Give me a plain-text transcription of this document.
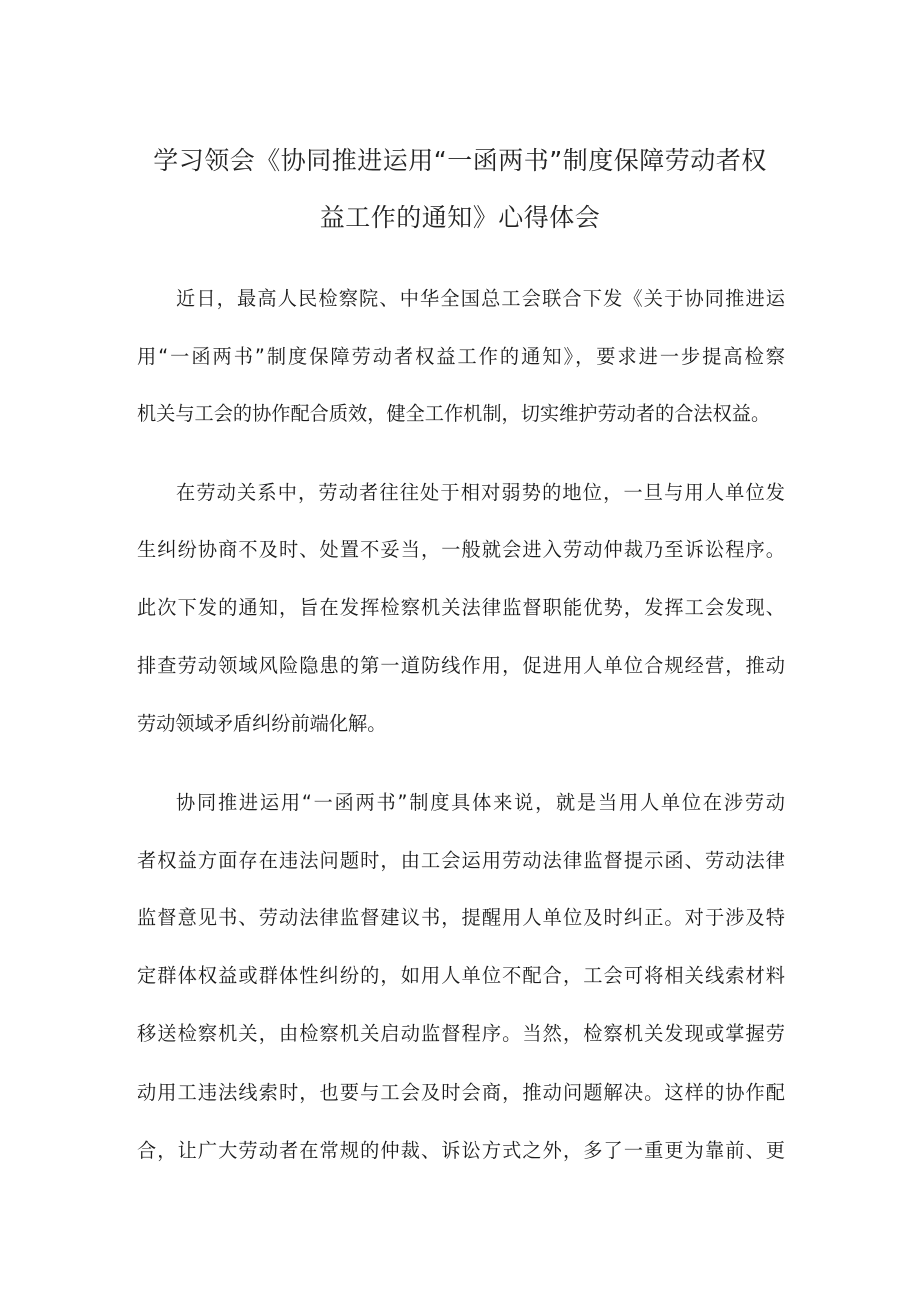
学习领会《协同推进运用“一函两书”制度保障劳动者权
益工作的通知》心得体会
近日，最高人民检察院、中华全国总工会联合下发《关于协同推进运
用“一函两书”制度保障劳动者权益工作的通知》，要求进一步提高检察
机关与工会的协作配合质效，健全工作机制，切实维护劳动者的合法权益。
在劳动关系中，劳动者往往处于相对弱势的地位，一旦与用人单位发
生纠纷协商不及时、处置不妥当，一般就会进入劳动仲裁乃至诉讼程序。
此次下发的通知，旨在发挥检察机关法律监督职能优势，发挥工会发现、
排查劳动领域风险隐患的第一道防线作用，促进用人单位合规经营，推动
劳动领域矛盾纠纷前端化解。
协同推进运用“一函两书”制度具体来说，就是当用人单位在涉劳动
者权益方面存在违法问题时，由工会运用劳动法律监督提示函、劳动法律
监督意见书、劳动法律监督建议书，提醒用人单位及时纠正。对于涉及特
定群体权益或群体性纠纷的，如用人单位不配合，工会可将相关线索材料
移送检察机关，由检察机关启动监督程序。当然，检察机关发现或掌握劳
动用工违法线索时，也要与工会及时会商，推动问题解决。这样的协作配
合，让广大劳动者在常规的仲裁、诉讼方式之外，多了一重更为靠前、更
